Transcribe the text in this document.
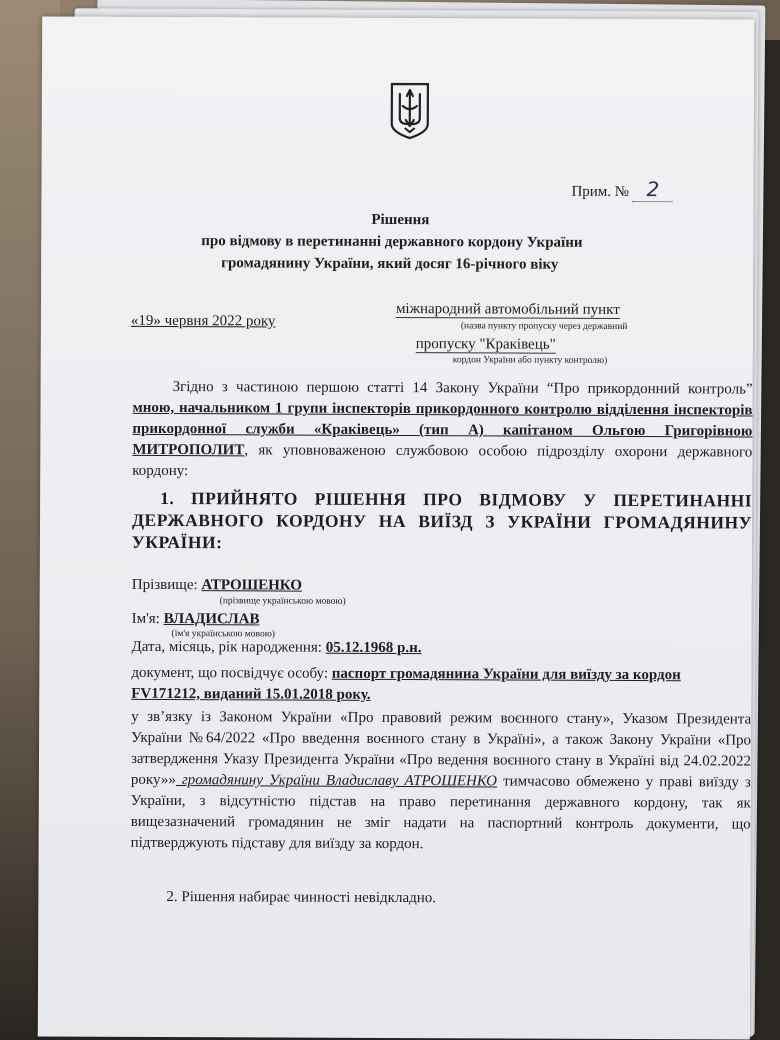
Прим. № 2
Рішення
про відмову в перетинанні державного кордону України
громадянину України, який досяг 16-річного віку
«19» червня 2022 року
міжнародний автомобільний пункт
(назва пункту пропуску через державний
пропуску "Краківець"
кордон України або пункту контролю)
Згідно з частиною першою статті 14 Закону України “Про прикордонний контроль” мною, начальником 1 групи інспекторів прикордонного контролю відділення інспекторів прикордонної служби «Краківець» (тип А) капітаном Ольгою Григорівною МИТРОПОЛИТ, як уповноваженою службовою особою підрозділу охорони державного кордону:
1. ПРИЙНЯТО РІШЕННЯ ПРО ВІДМОВУ У ПЕРЕТИНАННІ ДЕРЖАВНОГО КОРДОНУ НА ВИЇЗД З УКРАЇНИ ГРОМАДЯНИНУ УКРАЇНИ:
Прізвище: АТРОШЕНКО
(прізвище українською мовою)
Ім'я: ВЛАДИСЛАВ
(ім'я українською мовою)
Дата, місяць, рік народження: 05.12.1968 р.н.
документ, що посвідчує особу: паспорт громадянина України для виїзду за кордон FV171212, виданий 15.01.2018 року.
у зв’язку із Законом України «Про правовий режим воєнного стану», Указом Президента України №64/2022 «Про введення воєнного стану в Україні», а також Закону України «Про затвердження Указу Президента України «Про ведення воєнного стану в Україні від 24.02.2022 року»» громадянину України Владиславу АТРОШЕНКО тимчасово обмежено у праві виїзду з України, з відсутністю підстав на право перетинання державного кордону, так як вищезазначений громадянин не зміг надати на паспортний контроль документи, що підтверджують підставу для виїзду за кордон.
2. Рішення набирає чинності невідкладно.
